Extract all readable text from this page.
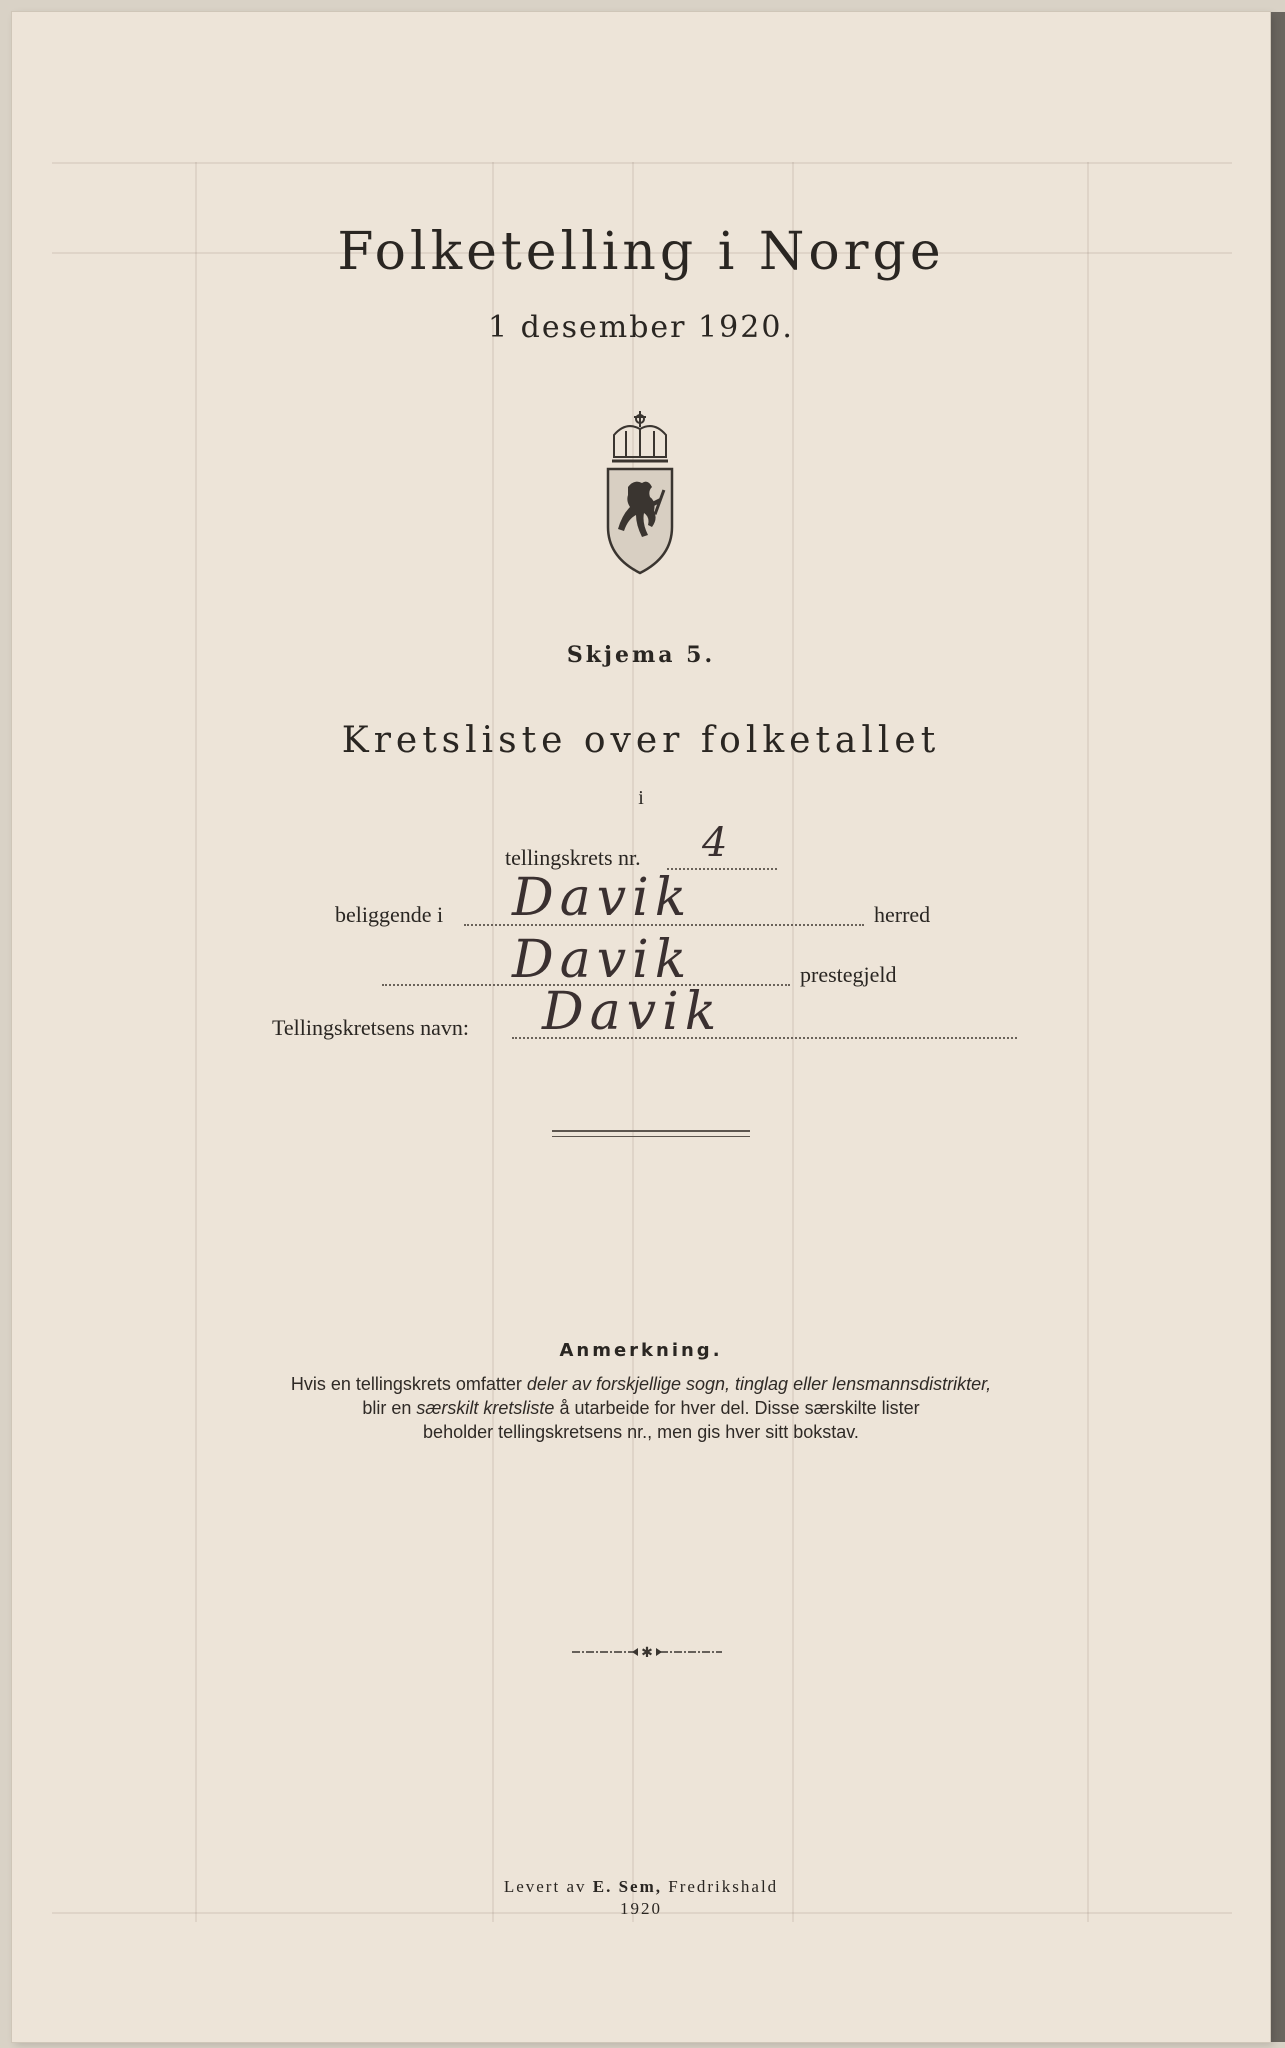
Folketelling i Norge
1 desember 1920.
Skjema 5.
Kretsliste over folketallet
i
tellingskrets nr. 4
beliggende i Davik	herred
Davik	prestegjeld
Tellingskretsens navn: Davik
Anmerkning.
Hvis en tellingskrets omfatter deler av forskjellige sogn, tinglag eller lensmannsdistrikter,
blir en særskilt kretsliste å utarbeide for hver del. Disse særskilte lister
beholder tellingskretsens nr., men gis hver sitt bokstav.
✱
Levert av E. Sem, Fredrikshald
1920
